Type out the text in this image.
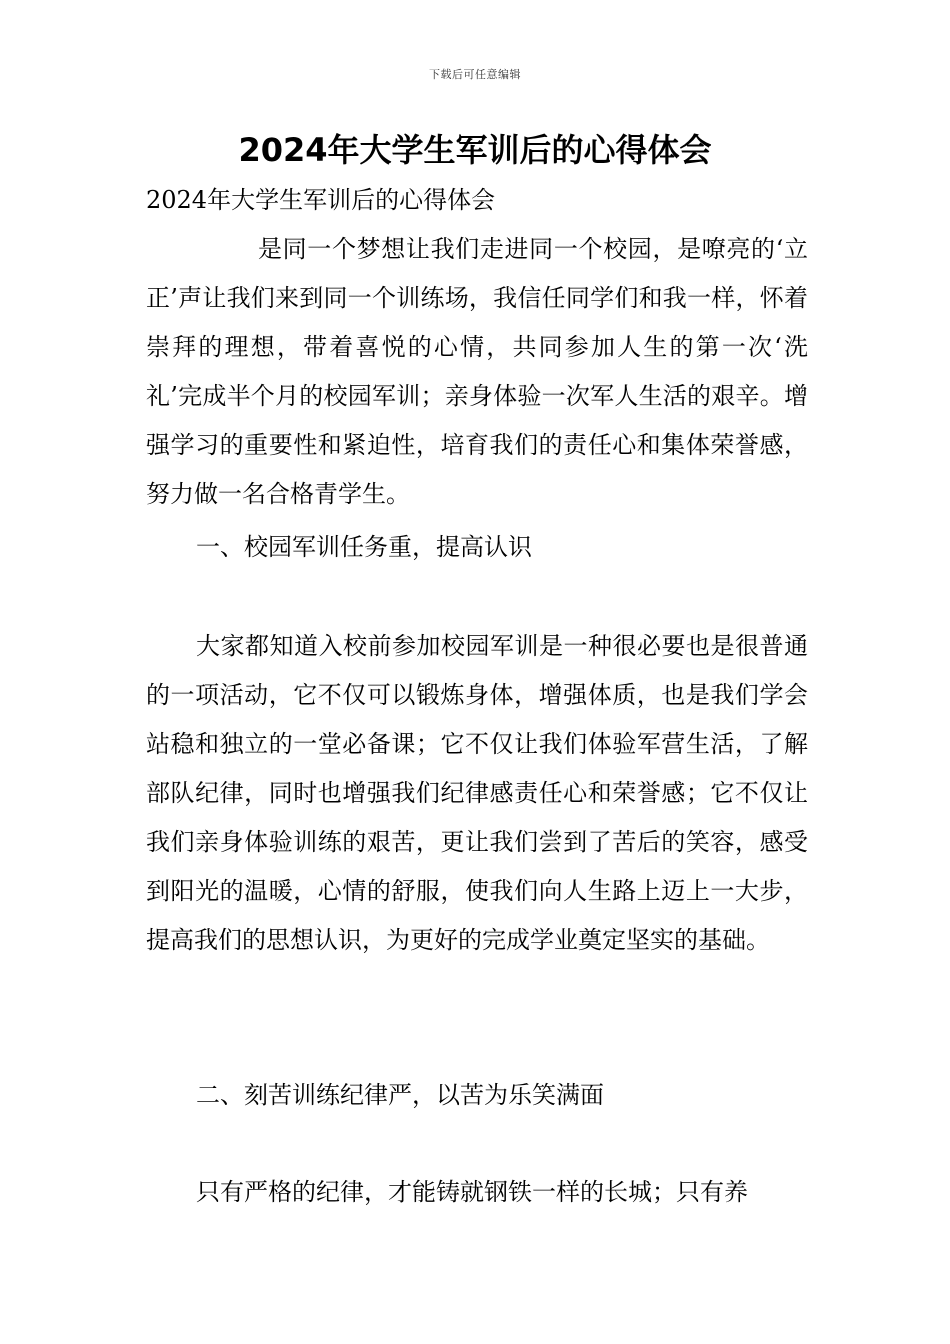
下载后可任意编辑
2024年大学生军训后的心得体会
2024年大学生军训后的心得体会
是同一个梦想让我们走进同一个校园，是嘹亮的‘立正’声让我们来到同一个训练场，我信任同学们和我一样，怀着崇拜的理想，带着喜悦的心情，共同参加人生的第一次‘洗礼’完成半个月的校园军训；亲身体验一次军人生活的艰辛。增强学习的重要性和紧迫性，培育我们的责任心和集体荣誉感，努力做一名合格青学生。
一、校园军训任务重，提高认识
大家都知道入校前参加校园军训是一种很必要也是很普通的一项活动，它不仅可以锻炼身体，增强体质，也是我们学会站稳和独立的一堂必备课；它不仅让我们体验军营生活，了解部队纪律，同时也增强我们纪律感责任心和荣誉感；它不仅让我们亲身体验训练的艰苦，更让我们尝到了苦后的笑容，感受到阳光的温暖，心情的舒服，使我们向人生路上迈上一大步，提高我们的思想认识，为更好的完成学业奠定坚实的基础。
二、刻苦训练纪律严，以苦为乐笑满面
只有严格的纪律，才能铸就钢铁一样的长城；只有养
